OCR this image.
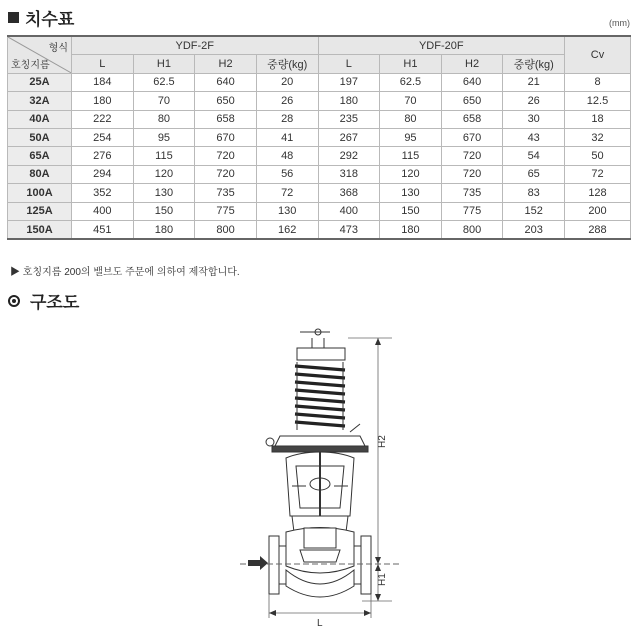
치수표	(mm)
형식
호칭지름	YDF-2F				YDF-20F				Cv
	L	H1	H2	중량(kg)	L	H1	H2	중량(kg)	
25A	184	62.5	640	20	197	62.5	640	21	8
32A	180	70	650	26	180	70	650	26	12.5
40A	222	80	658	28	235	80	658	30	18
50A	254	95	670	41	267	95	670	43	32
65A	276	115	720	48	292	115	720	54	50
80A	294	120	720	56	318	120	720	65	72
100A	352	130	735	72	368	130	735	83	128
125A	400	150	775	130	400	150	775	152	200
150A	451	180	800	162	473	180	800	203	288
▶ 호칭지름 200의 밸브도 주문에 의하여 제작합니다.
구조도
H2
H1
L
